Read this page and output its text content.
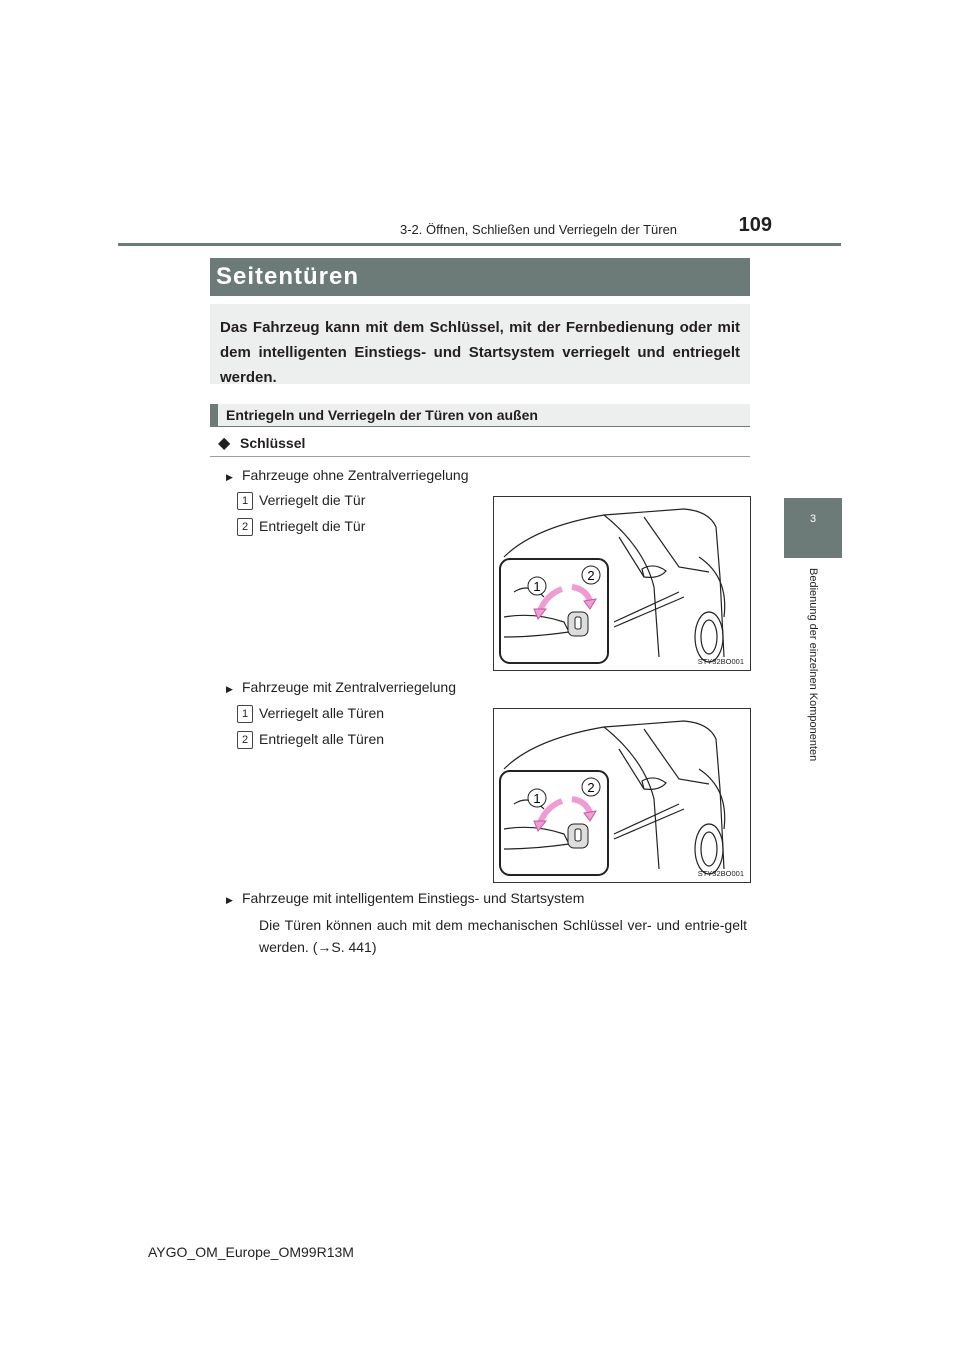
3-2. Öffnen, Schließen und Verriegeln der Türen	109
3
Bedienung der einzelnen Komponenten
Seitentüren
Das Fahrzeug kann mit dem Schlüssel, mit der Fernbedienung oder mit dem intelligenten Einstiegs- und Startsystem verriegelt und entriegelt werden.
Entriegeln und Verriegeln der Türen von außen
◆ Schlüssel
▶ Fahrzeuge ohne Zentralverriegelung
1 Verriegelt die Tür
2 Entriegelt die Tür
1
2
STY32BO001
▶ Fahrzeuge mit Zentralverriegelung
1 Verriegelt alle Türen
2 Entriegelt alle Türen
1
2
STY32BO001
▶ Fahrzeuge mit intelligentem Einstiegs- und Startsystem
Die Türen können auch mit dem mechanischen Schlüssel ver- und entrie-gelt werden. (→S. 441)
AYGO_OM_Europe_OM99R13M
